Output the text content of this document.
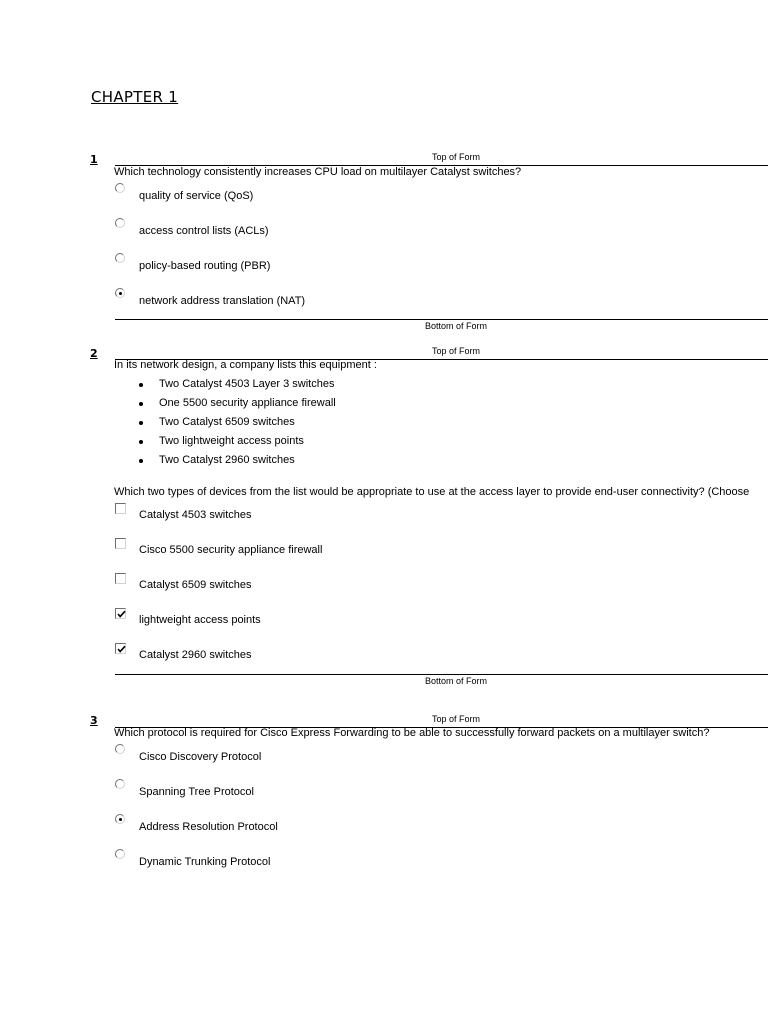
CHAPTER 1
1	Top of Form
Which technology consistently increases CPU load on multilayer Catalyst switches?
quality of service (QoS)
access control lists (ACLs)
policy-based routing (PBR)
network address translation (NAT)
Bottom of Form
2	Top of Form
In its network design, a company lists this equipment :
Two Catalyst 4503 Layer 3 switches
One 5500 security appliance firewall
Two Catalyst 6509 switches
Two lightweight access points
Two Catalyst 2960 switches
Which two types of devices from the list would be appropriate to use at the access layer to provide end-user connectivity? (Choose
Catalyst 4503 switches
Cisco 5500 security appliance firewall
Catalyst 6509 switches
lightweight access points
Catalyst 2960 switches
Bottom of Form
3	Top of Form
Which protocol is required for Cisco Express Forwarding to be able to successfully forward packets on a multilayer switch?
Cisco Discovery Protocol
Spanning Tree Protocol
Address Resolution Protocol
Dynamic Trunking Protocol
